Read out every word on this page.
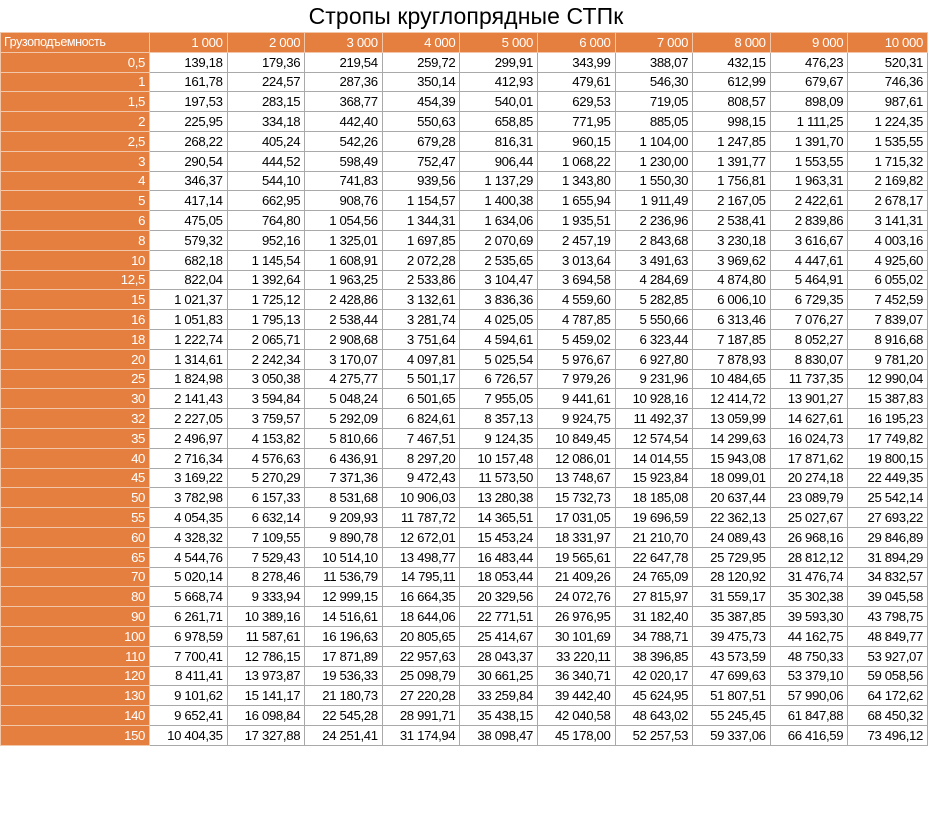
Стропы круглопрядные СТПк
Грузоподъемность	1 000	2 000	3 000	4 000	5 000	6 000	7 000	8 000	9 000	10 000
0,5	139,18	179,36	219,54	259,72	299,91	343,99	388,07	432,15	476,23	520,31
1	161,78	224,57	287,36	350,14	412,93	479,61	546,30	612,99	679,67	746,36
1,5	197,53	283,15	368,77	454,39	540,01	629,53	719,05	808,57	898,09	987,61
2	225,95	334,18	442,40	550,63	658,85	771,95	885,05	998,15	1 111,25	1 224,35
2,5	268,22	405,24	542,26	679,28	816,31	960,15	1 104,00	1 247,85	1 391,70	1 535,55
3	290,54	444,52	598,49	752,47	906,44	1 068,22	1 230,00	1 391,77	1 553,55	1 715,32
4	346,37	544,10	741,83	939,56	1 137,29	1 343,80	1 550,30	1 756,81	1 963,31	2 169,82
5	417,14	662,95	908,76	1 154,57	1 400,38	1 655,94	1 911,49	2 167,05	2 422,61	2 678,17
6	475,05	764,80	1 054,56	1 344,31	1 634,06	1 935,51	2 236,96	2 538,41	2 839,86	3 141,31
8	579,32	952,16	1 325,01	1 697,85	2 070,69	2 457,19	2 843,68	3 230,18	3 616,67	4 003,16
10	682,18	1 145,54	1 608,91	2 072,28	2 535,65	3 013,64	3 491,63	3 969,62	4 447,61	4 925,60
12,5	822,04	1 392,64	1 963,25	2 533,86	3 104,47	3 694,58	4 284,69	4 874,80	5 464,91	6 055,02
15	1 021,37	1 725,12	2 428,86	3 132,61	3 836,36	4 559,60	5 282,85	6 006,10	6 729,35	7 452,59
16	1 051,83	1 795,13	2 538,44	3 281,74	4 025,05	4 787,85	5 550,66	6 313,46	7 076,27	7 839,07
18	1 222,74	2 065,71	2 908,68	3 751,64	4 594,61	5 459,02	6 323,44	7 187,85	8 052,27	8 916,68
20	1 314,61	2 242,34	3 170,07	4 097,81	5 025,54	5 976,67	6 927,80	7 878,93	8 830,07	9 781,20
25	1 824,98	3 050,38	4 275,77	5 501,17	6 726,57	7 979,26	9 231,96	10 484,65	11 737,35	12 990,04
30	2 141,43	3 594,84	5 048,24	6 501,65	7 955,05	9 441,61	10 928,16	12 414,72	13 901,27	15 387,83
32	2 227,05	3 759,57	5 292,09	6 824,61	8 357,13	9 924,75	11 492,37	13 059,99	14 627,61	16 195,23
35	2 496,97	4 153,82	5 810,66	7 467,51	9 124,35	10 849,45	12 574,54	14 299,63	16 024,73	17 749,82
40	2 716,34	4 576,63	6 436,91	8 297,20	10 157,48	12 086,01	14 014,55	15 943,08	17 871,62	19 800,15
45	3 169,22	5 270,29	7 371,36	9 472,43	11 573,50	13 748,67	15 923,84	18 099,01	20 274,18	22 449,35
50	3 782,98	6 157,33	8 531,68	10 906,03	13 280,38	15 732,73	18 185,08	20 637,44	23 089,79	25 542,14
55	4 054,35	6 632,14	9 209,93	11 787,72	14 365,51	17 031,05	19 696,59	22 362,13	25 027,67	27 693,22
60	4 328,32	7 109,55	9 890,78	12 672,01	15 453,24	18 331,97	21 210,70	24 089,43	26 968,16	29 846,89
65	4 544,76	7 529,43	10 514,10	13 498,77	16 483,44	19 565,61	22 647,78	25 729,95	28 812,12	31 894,29
70	5 020,14	8 278,46	11 536,79	14 795,11	18 053,44	21 409,26	24 765,09	28 120,92	31 476,74	34 832,57
80	5 668,74	9 333,94	12 999,15	16 664,35	20 329,56	24 072,76	27 815,97	31 559,17	35 302,38	39 045,58
90	6 261,71	10 389,16	14 516,61	18 644,06	22 771,51	26 976,95	31 182,40	35 387,85	39 593,30	43 798,75
100	6 978,59	11 587,61	16 196,63	20 805,65	25 414,67	30 101,69	34 788,71	39 475,73	44 162,75	48 849,77
110	7 700,41	12 786,15	17 871,89	22 957,63	28 043,37	33 220,11	38 396,85	43 573,59	48 750,33	53 927,07
120	8 411,41	13 973,87	19 536,33	25 098,79	30 661,25	36 340,71	42 020,17	47 699,63	53 379,10	59 058,56
130	9 101,62	15 141,17	21 180,73	27 220,28	33 259,84	39 442,40	45 624,95	51 807,51	57 990,06	64 172,62
140	9 652,41	16 098,84	22 545,28	28 991,71	35 438,15	42 040,58	48 643,02	55 245,45	61 847,88	68 450,32
150	10 404,35	17 327,88	24 251,41	31 174,94	38 098,47	45 178,00	52 257,53	59 337,06	66 416,59	73 496,12
